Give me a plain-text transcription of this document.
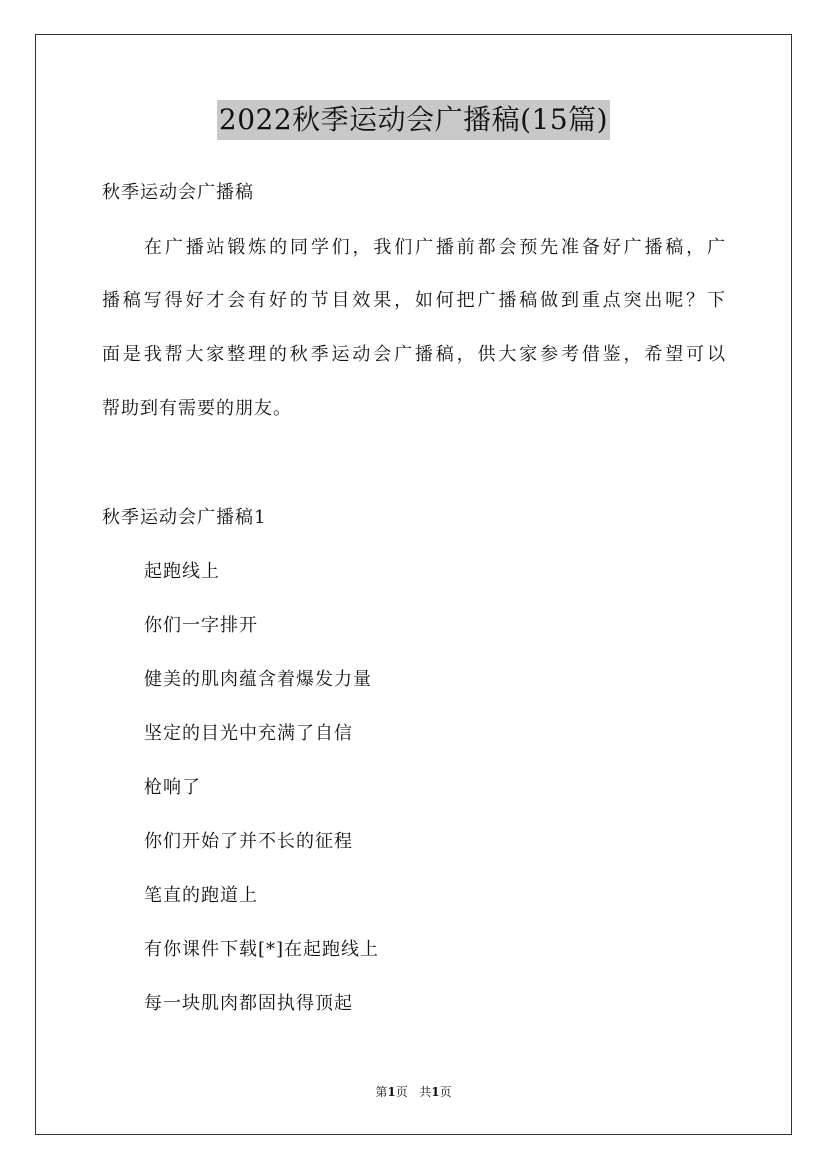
2022秋季运动会广播稿(15篇)
秋季运动会广播稿
在广播站锻炼的同学们，我们广播前都会预先准备好广播稿，广
播稿写得好才会有好的节目效果，如何把广播稿做到重点突出呢？下
面是我帮大家整理的秋季运动会广播稿，供大家参考借鉴，希望可以
帮助到有需要的朋友。
秋季运动会广播稿1
起跑线上
你们一字排开
健美的肌肉蕴含着爆发力量
坚定的目光中充满了自信
枪响了
你们开始了并不长的征程
笔直的跑道上
有你课件下载[*]在起跑线上
每一块肌肉都固执得顶起
第1页 共1页
